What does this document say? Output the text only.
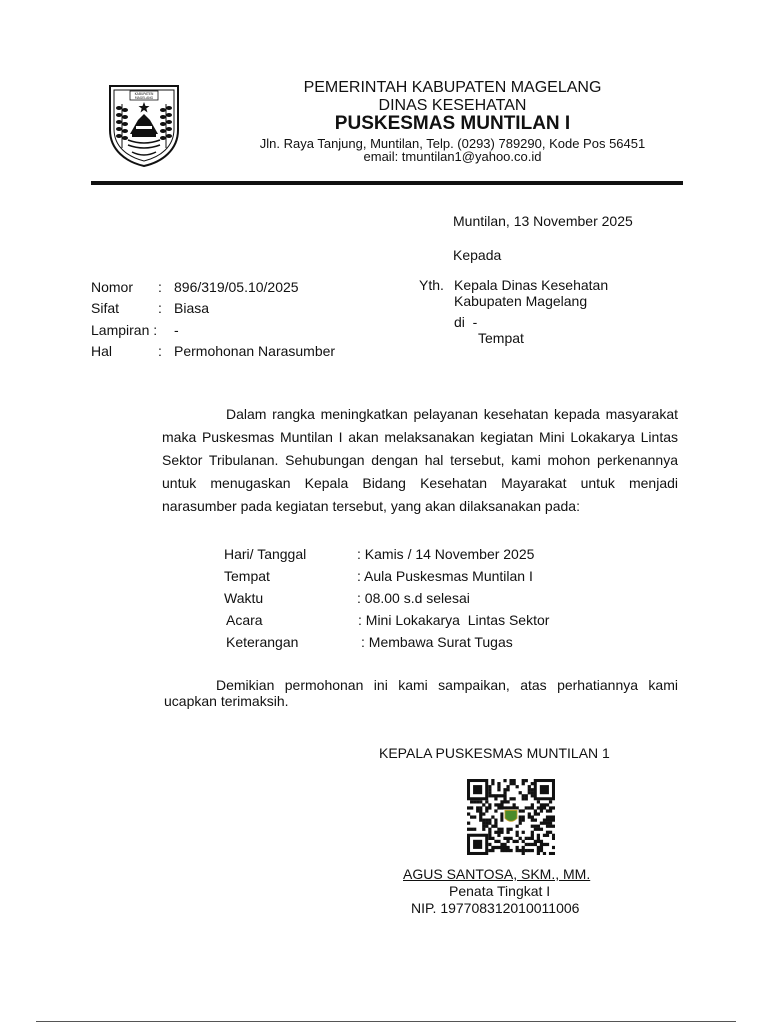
KABUPATEN
MAGELANG
PEMERINTAH KABUPATEN MAGELANG
DINAS KESEHATAN
PUSKESMAS MUNTILAN I
Jln. Raya Tanjung, Muntilan, Telp. (0293) 789290, Kode Pos 56451
email: tmuntilan1@yahoo.co.id
Muntilan, 13 November 2025
Kepada
Yth. Kepala Dinas Kesehatan
Kabupaten Magelang
di  -
Tempat
Nomor : 896/319/05.10/2025
Sifat	: Biasa
Lampiran : -
Hal	: Permohonan Narasumber
Dalam rangka meningkatkan pelayanan kesehatan kepada masyarakat maka Puskesmas Muntilan I akan melaksanakan kegiatan Mini Lokakarya Lintas Sektor Tribulanan. Sehubungan dengan hal tersebut, kami mohon perkenannya untuk menugaskan Kepala Bidang Kesehatan Mayarakat untuk menjadi narasumber pada kegiatan tersebut, yang akan dilaksanakan pada:
Hari/ Tanggal	: Kamis / 14 November 2025
Tempat	: Aula Puskesmas Muntilan I
Waktu	: 08.00 s.d selesai
Acara	: Mini Lokakarya  Lintas Sektor
Keterangan	: Membawa Surat Tugas
Demikian permohonan ini kami sampaikan, atas perhatiannya kami ucapkan terimaksih.
KEPALA PUSKESMAS MUNTILAN 1
AGUS SANTOSA, SKM., MM.
Penata Tingkat I
NIP. 197708312010011006
